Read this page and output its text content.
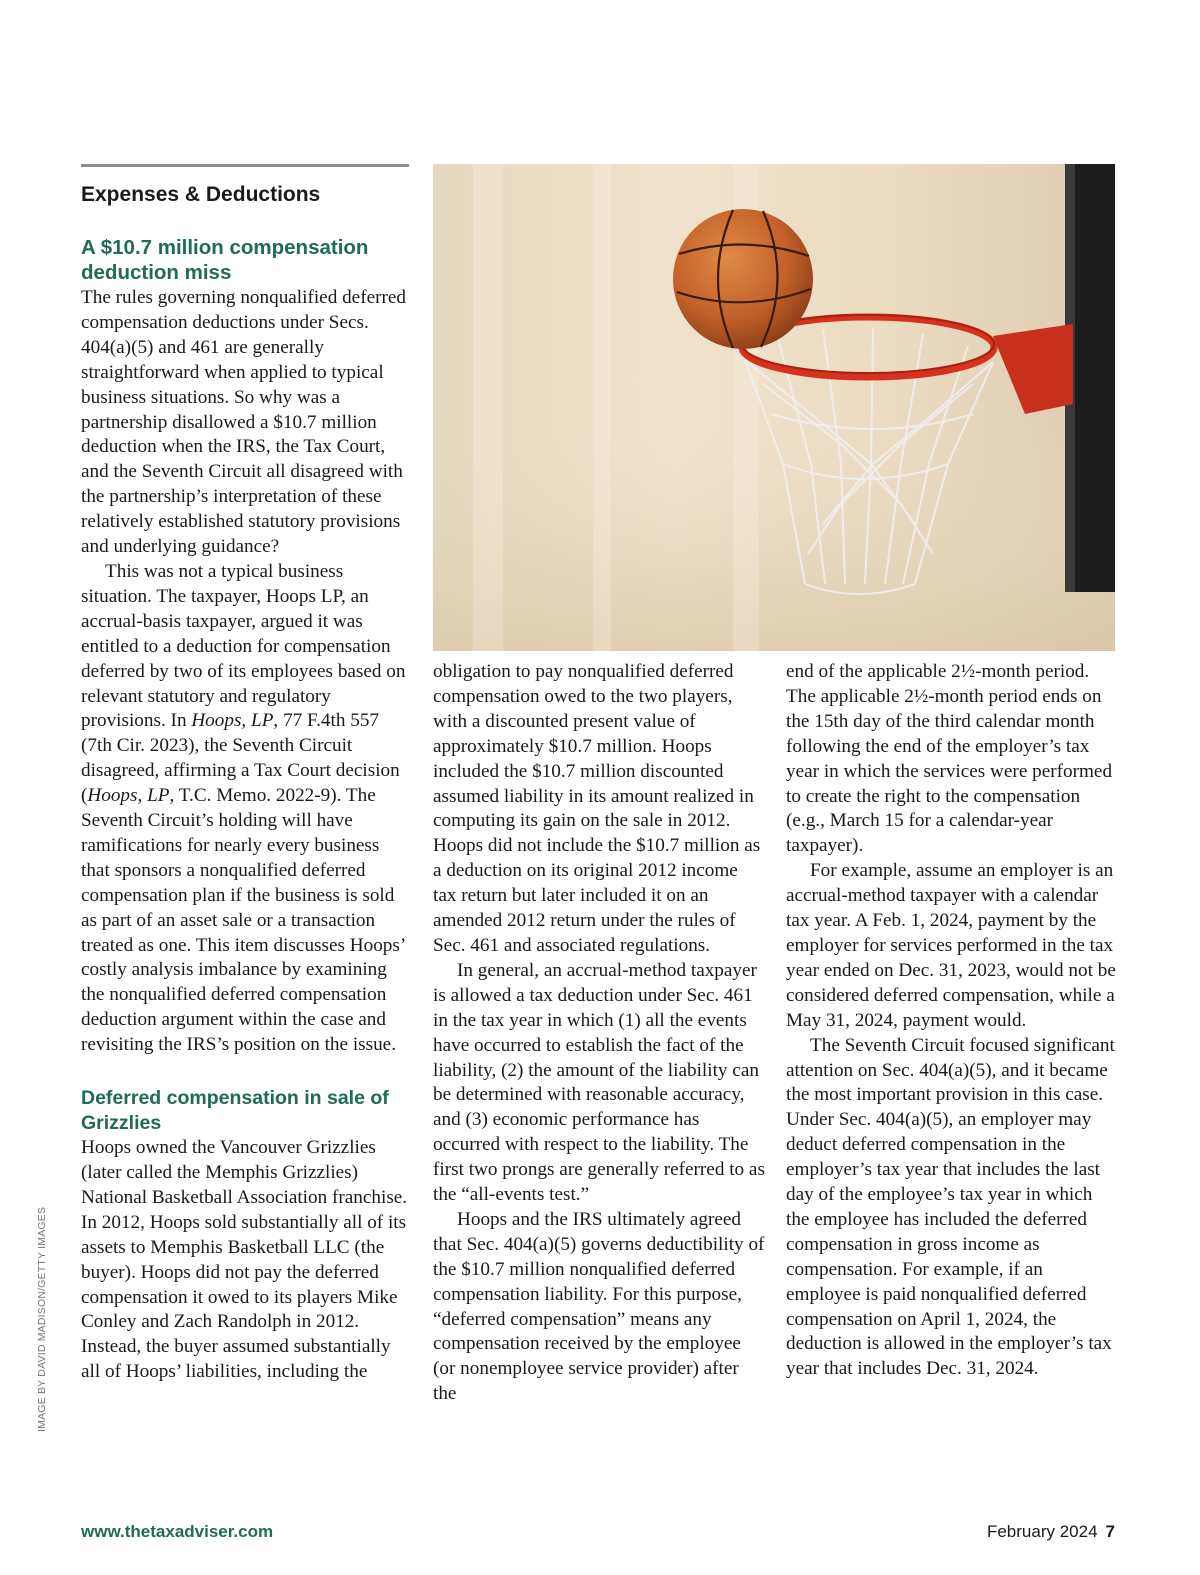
Expenses & Deductions
A $10.7 million compensation deduction miss

The rules governing nonqualified deferred compensation deductions under Secs. 404(a)(5) and 461 are generally straightforward when applied to typical business situations. So why was a partnership disallowed a $10.7 million deduction when the IRS, the Tax Court, and the Seventh Circuit all disagreed with the partnership’s interpretation of these relatively established statutory provisions and underlying guidance?

This was not a typical business situation. The taxpayer, Hoops LP, an accrual-basis taxpayer, argued it was entitled to a deduction for compensation deferred by two of its employees based on relevant statutory and regulatory provisions. In Hoops, LP, 77 F.4th 557 (7th Cir. 2023), the Seventh Circuit disagreed, affirming a Tax Court decision (Hoops, LP, T.C. Memo. 2022-9). The Seventh Circuit’s holding will have ramifications for nearly every business that sponsors a nonqualified deferred compensation plan if the business is sold as part of an asset sale or a transaction treated as one. This item discusses Hoops’ costly analysis imbalance by examining the nonqualified deferred compensation deduction argument within the case and revisiting the IRS’s position on the issue.

Deferred compensation in sale of Grizzlies

Hoops owned the Vancouver Grizzlies (later called the Memphis Grizzlies) National Basketball Association franchise. In 2012, Hoops sold substantially all of its assets to Memphis Basketball LLC (the buyer). Hoops did not pay the deferred compensation it owed to its players Mike Conley and Zach Randolph in 2012. Instead, the buyer assumed substantially all of Hoops’ liabilities, including the

obligation to pay nonqualified deferred compensation owed to the two players, with a discounted present value of approximately $10.7 million. Hoops included the $10.7 million discounted assumed liability in its amount realized in computing its gain on the sale in 2012. Hoops did not include the $10.7 million as a deduction on its original 2012 income tax return but later included it on an amended 2012 return under the rules of Sec. 461 and associated regulations.

In general, an accrual-method taxpayer is allowed a tax deduction under Sec. 461 in the tax year in which (1) all the events have occurred to establish the fact of the liability, (2) the amount of the liability can be determined with reasonable accuracy, and (3) economic performance has occurred with respect to the liability. The first two prongs are generally referred to as the “all-events test.”

Hoops and the IRS ultimately agreed that Sec. 404(a)(5) governs deductibility of the $10.7 million nonqualified deferred compensation liability. For this purpose, “deferred compensation” means any compensation received by the employee (or nonemployee service provider) after the

end of the applicable 2½-month period. The applicable 2½-month period ends on the 15th day of the third calendar month following the end of the employer’s tax year in which the services were performed to create the right to the compensation (e.g., March 15 for a calendar-year taxpayer).

For example, assume an employer is an accrual-method taxpayer with a calendar tax year. A Feb. 1, 2024, payment by the employer for services performed in the tax year ended on Dec. 31, 2023, would not be considered deferred compensation, while a May 31, 2024, payment would.

The Seventh Circuit focused significant attention on Sec. 404(a)(5), and it became the most important provision in this case. Under Sec. 404(a)(5), an employer may deduct deferred compensation in the employer’s tax year that includes the last day of the employee’s tax year in which the employee has included the deferred compensation in gross income as compensation. For example, if an employee is paid nonqualified deferred compensation on April 1, 2024, the deduction is allowed in the employer’s tax year that includes Dec. 31, 2024.

IMAGE BY DAVID MADISON/GETTY IMAGES
www.thetaxadviser.com	February 2024 7
